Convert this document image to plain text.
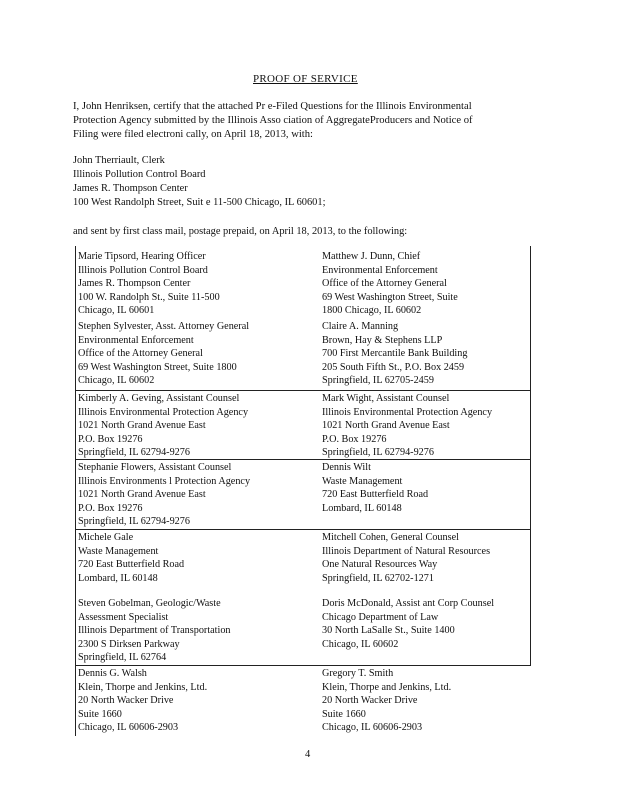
PROOF OF SERVICE
I, John Henriksen, certify that the attached Pr e-Filed Questions for the Illinois Environmental
Protection Agency submitted by the Illinois Asso ciation of AggregateProducers and Notice of
Filing were filed electroni cally, on April 18, 2013, with:
John Therriault, Clerk
Illinois Pollution Control Board
James R. Thompson Center
100 West Randolph Street, Suit e 11-500 Chicago, IL 60601;
and sent by first class mail, postage prepaid, on April 18, 2013, to the following:
Marie Tipsord, Hearing Officer
Illinois Pollution Control Board
James R. Thompson Center
100 W. Randolph St., Suite 11-500
Chicago, IL 60601
Matthew J. Dunn, Chief
Environmental Enforcement
Office of the Attorney General
69 West Washington Street, Suite
1800 Chicago, IL 60602
Stephen Sylvester, Asst. Attorney General
Environmental Enforcement
Office of the Attorney General
69 West Washington Street, Suite 1800
Chicago, IL 60602
Claire A. Manning
Brown, Hay & Stephens LLP
700 First Mercantile Bank Building
205 South Fifth St., P.O. Box 2459
Springfield, IL 62705-2459
Kimberly A. Geving, Assistant Counsel
Illinois Environmental Protection Agency
1021 North Grand Avenue East
P.O. Box 19276
Springfield, IL 62794-9276
Mark Wight, Assistant Counsel
Illinois Environmental Protection Agency
1021 North Grand Avenue East
P.O. Box 19276
Springfield, IL 62794-9276
Stephanie Flowers, Assistant Counsel
Illinois Environments l Protection Agency
1021 North Grand Avenue East
P.O. Box 19276
Springfield, IL 62794-9276
Dennis Wilt
Waste Management
720 East Butterfield Road
Lombard, IL 60148
Michele Gale
Waste Management
720 East Butterfield Road
Lombard, IL 60148
Mitchell Cohen, General Counsel
Illinois Department of Natural Resources
One Natural Resources Way
Springfield, IL 62702-1271
Steven Gobelman, Geologic/Waste
Assessment Specialist
Illinois Department of Transportation
2300 S Dirksen Parkway
Springfield, IL 62764
Doris McDonald, Assist ant Corp Counsel
Chicago Department of Law
30 North LaSalle St., Suite 1400
Chicago, IL 60602
Dennis G. Walsh
Klein, Thorpe and Jenkins, Ltd.
20 North Wacker Drive
Suite 1660
Chicago, IL 60606-2903
Gregory T. Smith
Klein, Thorpe and Jenkins, Ltd.
20 North Wacker Drive
Suite 1660
Chicago, IL 60606-2903
4
